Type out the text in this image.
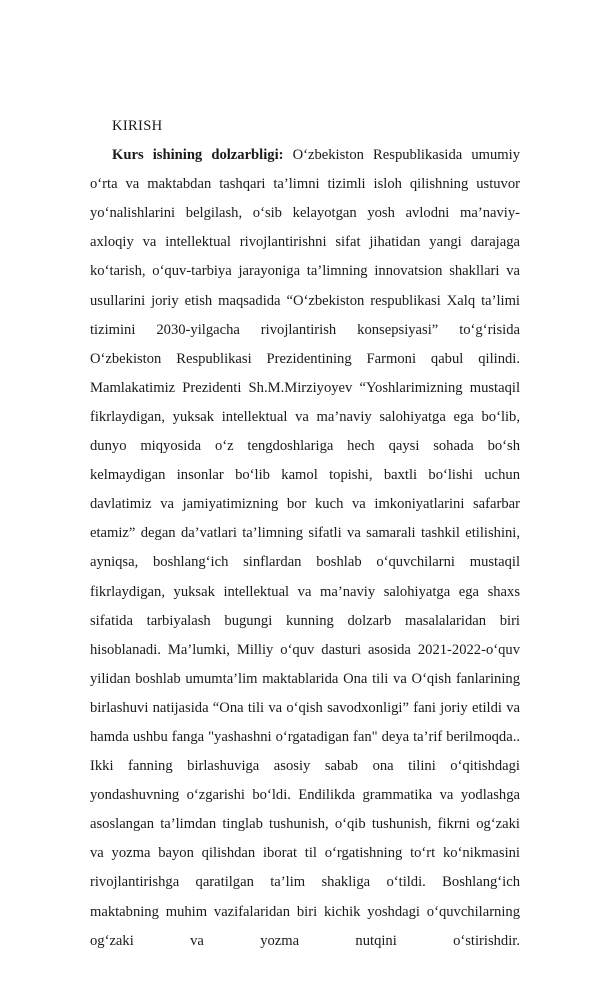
KIRISH

Kurs ishining dolzarbligi: O‘zbekiston Respublikasida umumiy o‘rta va maktabdan tashqari ta’limni tizimli isloh qilishning ustuvor yo‘nalishlarini belgilash, o‘sib kelayotgan yosh avlodni ma’naviy-axloqiy va intellektual rivojlantirishni sifat jihatidan yangi darajaga ko‘tarish, o‘quv-tarbiya jarayoniga ta’limning innovatsion shakllari va usullarini joriy etish maqsadida “O‘zbekiston respublikasi Xalq ta’limi tizimini 2030-yilgacha rivojlantirish konsepsiyasi” to‘g‘risida O‘zbekiston Respublikasi Prezidentining Farmoni qabul qilindi. Mamlakatimiz Prezidenti Sh.M.Mirziyoyev “Yoshlarimizning mustaqil fikrlaydigan, yuksak intellektual va ma’naviy salohiyatga ega bo‘lib, dunyo miqyosida o‘z tengdoshlariga hech qaysi sohada bo‘sh kelmaydigan insonlar bo‘lib kamol topishi, baxtli bo‘lishi uchun davlatimiz va jamiyatimizning bor kuch va imkoniyatlarini safarbar etamiz” degan da’vatlari ta’limning sifatli va samarali tashkil etilishini, ayniqsa, boshlang‘ich sinflardan boshlab o‘quvchilarni mustaqil fikrlaydigan, yuksak intellektual va ma’naviy salohiyatga ega shaxs sifatida tarbiyalash bugungi kunning dolzarb masalalaridan biri hisoblanadi. Ma’lumki, Milliy o‘quv dasturi asosida 2021-2022-o‘quv yilidan boshlab umumta’lim maktablarida Ona tili va O‘qish fanlarining birlashuvi natijasida “Ona tili va o‘qish savodxonligi” fani joriy etildi va hamda ushbu fanga "yashashni o‘rgatadigan fan" deya ta’rif berilmoqda.. Ikki fanning birlashuviga asosiy sabab ona tilini o‘qitishdagi yondashuvning o‘zgarishi bo‘ldi. Endilikda grammatika va yodlashga asoslangan ta’limdan tinglab tushunish, o‘qib tushunish, fikrni og‘zaki va yozma bayon qilishdan iborat til o‘rgatishning to‘rt ko‘nikmasini rivojlantirishga qaratilgan ta’lim shakliga o‘tildi. Boshlang‘ich maktabning muhim vazifalaridan biri kichik yoshdagi o‘quvchilarning og‘zaki va yozma nutqini o‘stirishdir.
